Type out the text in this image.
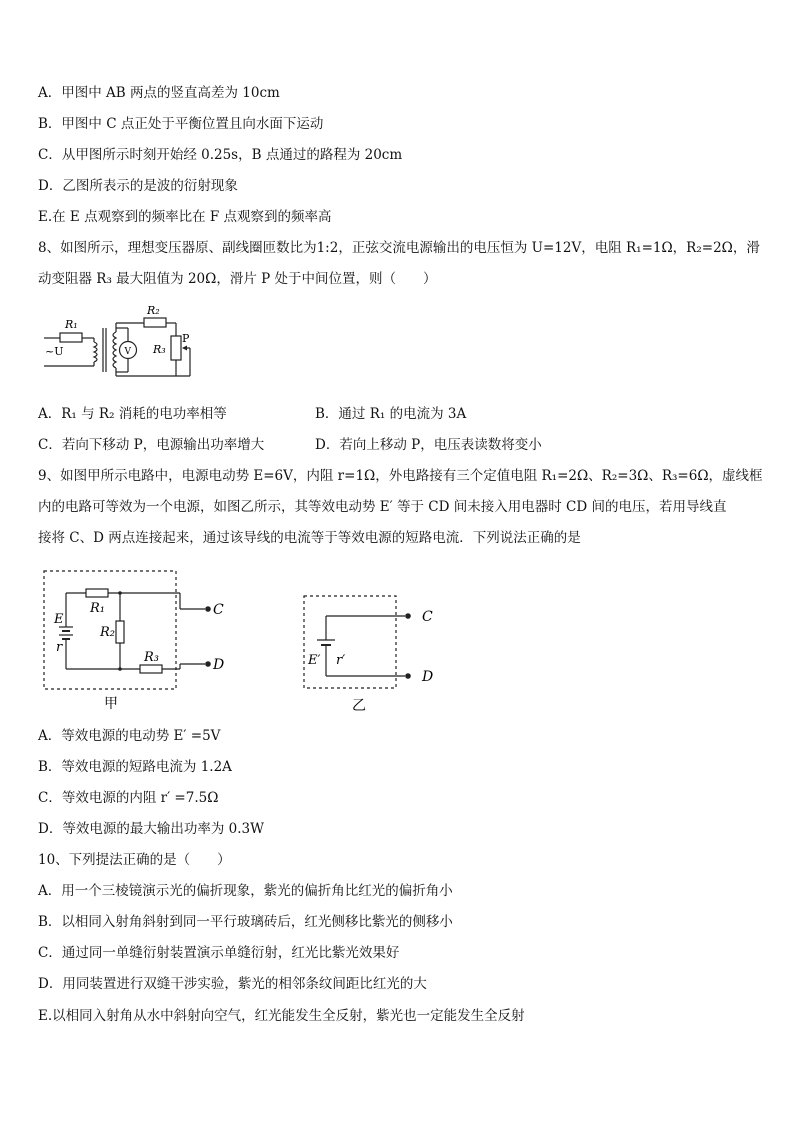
A．甲图中 AB 两点的竖直高差为 10cm
B．甲图中 C 点正处于平衡位置且向水面下运动
C．从甲图所示时刻开始经 0.25s，B 点通过的路程为 20cm
D．乙图所表示的是波的衍射现象
E.在 E 点观察到的频率比在 F 点观察到的频率高
8、如图所示，理想变压器原、副线圈匝数比为1:2，正弦交流电源输出的电压恒为 U=12V，电阻 R₁=1Ω，R₂=2Ω，滑
动变阻器 R₃ 最大阻值为 20Ω，滑片 P 处于中间位置，则（　　）
R₁
~U	V
R₂
R₃
P
A．R₁ 与 R₂ 消耗的电功率相等	B．通过 R₁ 的电流为 3A
C．若向下移动 P，电源输出功率增大	D．若向上移动 P，电压表读数将变小
9、如图甲所示电路中，电源电动势 E=6V，内阻 r=1Ω，外电路接有三个定值电阻 R₁=2Ω、R₂=3Ω、R₃=6Ω，虚线框
内的电路可等效为一个电源，如图乙所示，其等效电动势 E′ 等于 CD 间未接入用电器时 CD 间的电压，若用导线直
接将 C、D 两点连接起来，通过该导线的电流等于等效电源的短路电流．下列说法正确的是
E
r
R₁
R₂
R₃
C
D
甲
E′ r′
C
D
乙
A．等效电源的电动势 E′ =5V
B．等效电源的短路电流为 1.2A
C．等效电源的内阻 r′ =7.5Ω
D．等效电源的最大输出功率为 0.3W
10、下列提法正确的是（　　）
A．用一个三棱镜演示光的偏折现象，紫光的偏折角比红光的偏折角小
B．以相同入射角斜射到同一平行玻璃砖后，红光侧移比紫光的侧移小
C．通过同一单缝衍射装置演示单缝衍射，红光比紫光效果好
D．用同装置进行双缝干涉实验，紫光的相邻条纹间距比红光的大
E.以相同入射角从水中斜射向空气，红光能发生全反射，紫光也一定能发生全反射
